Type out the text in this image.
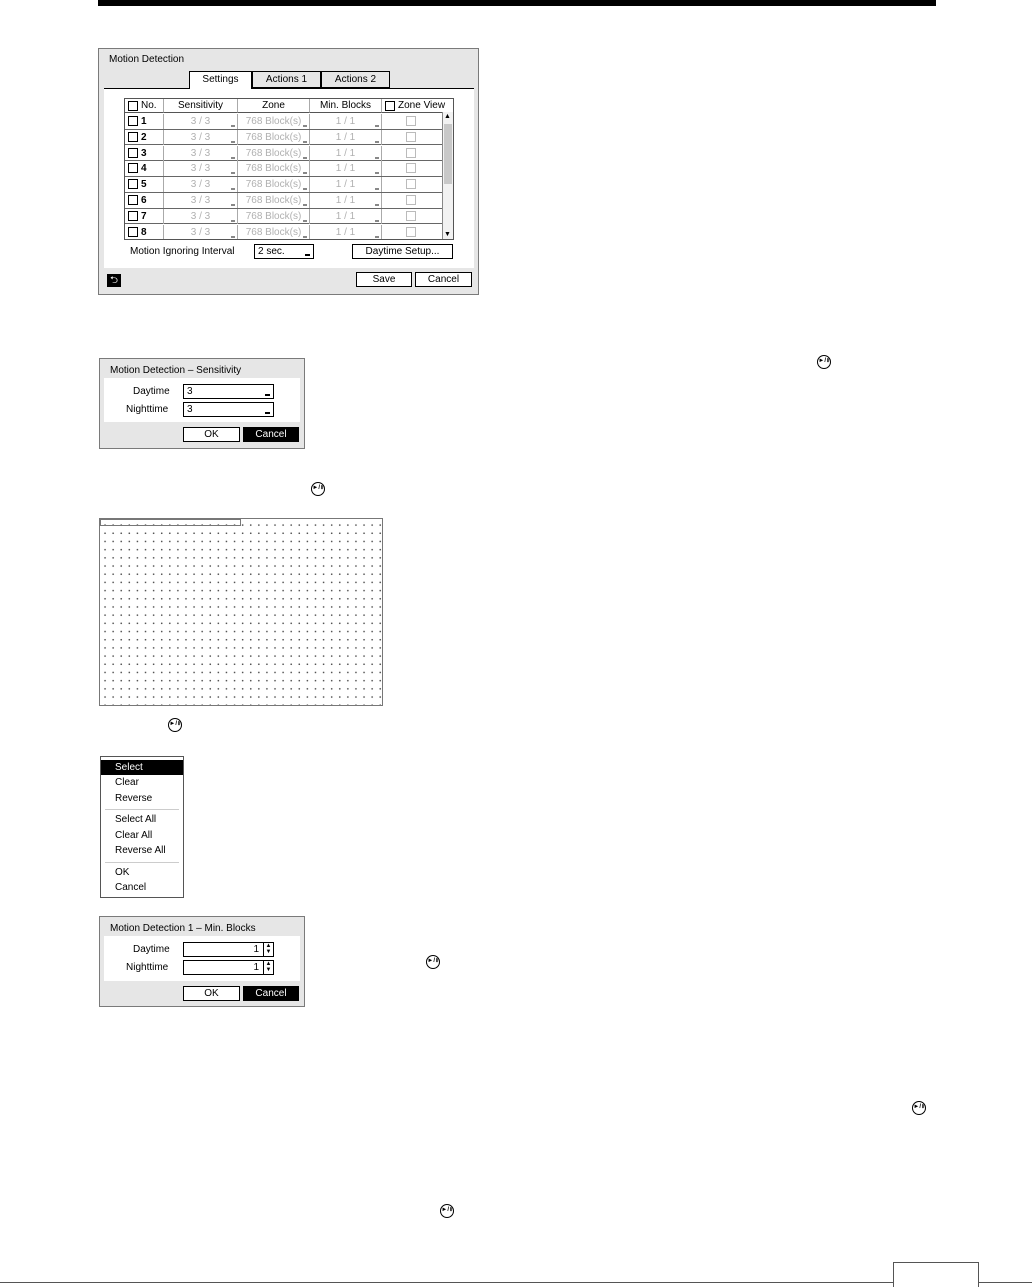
Motion Detection
Settings	Actions 1	Actions 2
No.	Sensitivity	Zone	Min. Blocks	Zone View
1	3 / 3	768 Block(s)	1 / 1
2	3 / 3	768 Block(s)	1 / 1
3	3 / 3	768 Block(s)	1 / 1
4	3 / 3	768 Block(s)	1 / 1
5	3 / 3	768 Block(s)	1 / 1
6	3 / 3	768 Block(s)	1 / 1
7	3 / 3	768 Block(s)	1 / 1
8	3 / 3	768 Block(s)	1 / 1
▲
▼
Motion Ignoring Interval	2 sec.	Daytime Setup...
⮌	Save	Cancel
Motion Detection – Sensitivity
Daytime	3
Nighttime	3
OK	Cancel
►/॥
►/॥
►/॥
►/॥
►/॥
►/॥
Select
Clear
Reverse
Select All
Clear All
Reverse All
OK
Cancel
Motion Detection 1 – Min. Blocks
Daytime	1	▲
▼
Nighttime	1	▲
▼
OK	Cancel
